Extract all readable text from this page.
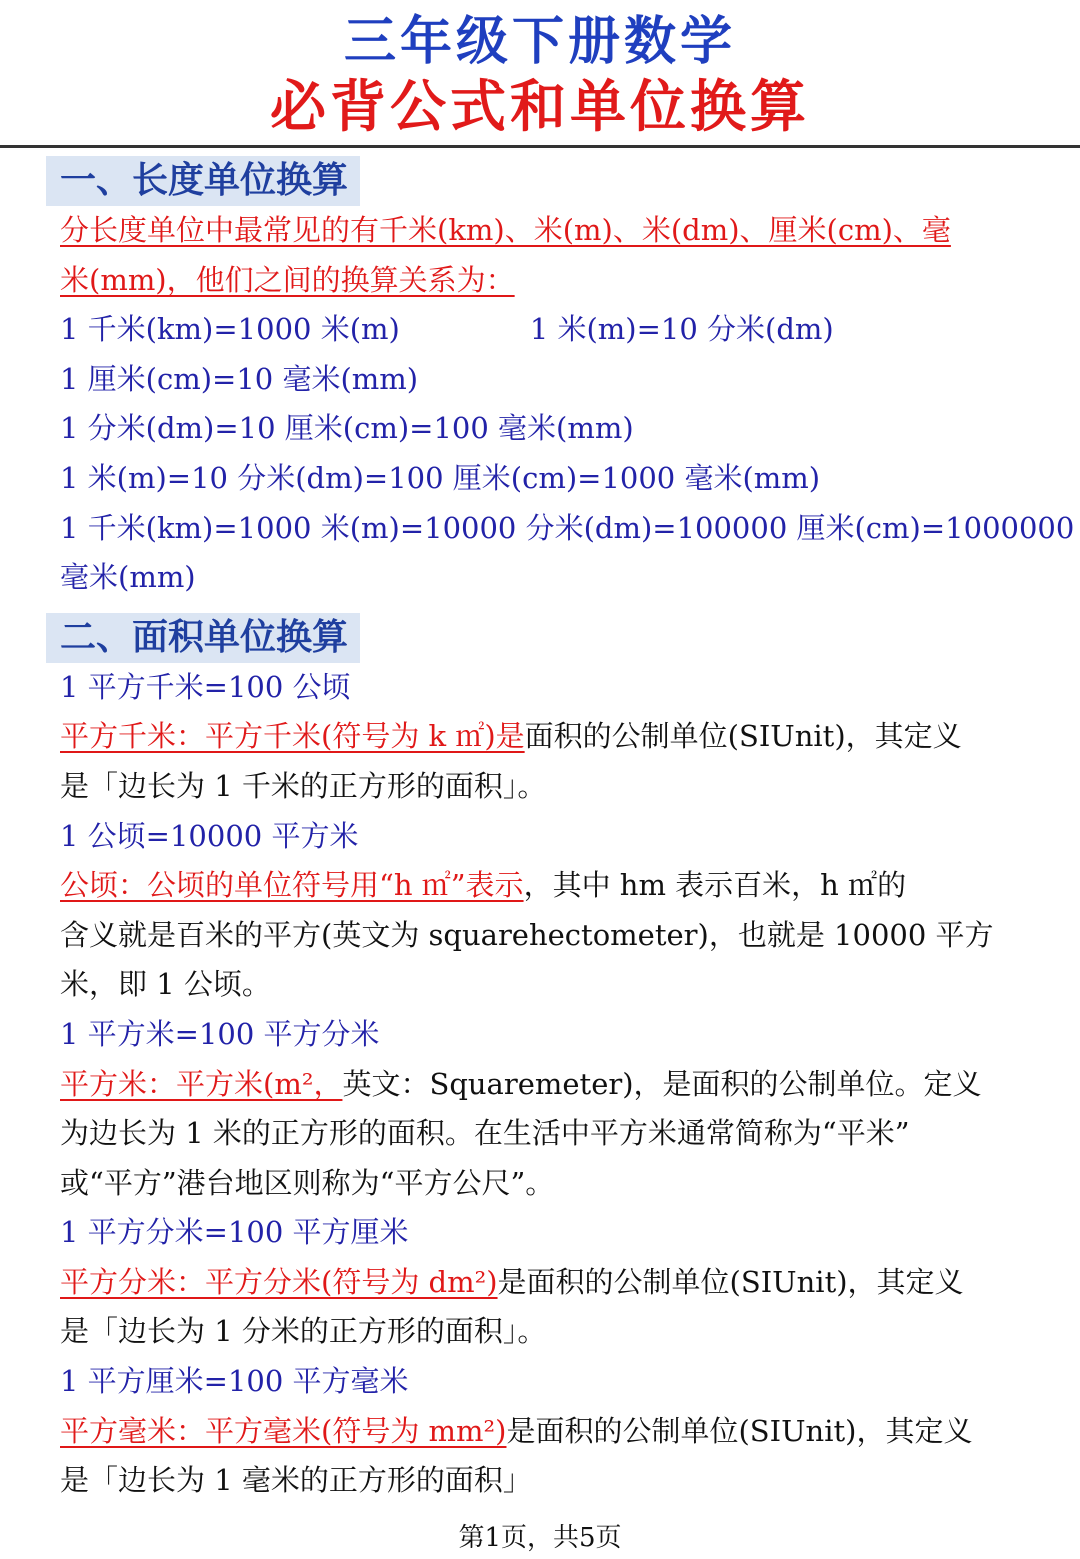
三年级下册数学
必背公式和单位换算
一、长度单位换算
分长度单位中最常见的有千米(km)、米(m)、米(dm)、厘米(cm)、毫
米(mm)，他们之间的换算关系为：
1 千米(km)=1000 米(m)	1 米(m)=10 分米(dm)
1 厘米(cm)=10 毫米(mm)
1 分米(dm)=10 厘米(cm)=100 毫米(mm)
1 米(m)=10 分米(dm)=100 厘米(cm)=1000 毫米(mm)
1 千米(km)=1000 米(m)=10000 分米(dm)=100000 厘米(cm)=1000000
毫米(mm)
二、面积单位换算
1 平方千米=100 公顷
平方千米：平方千米(符号为 k ㎡)是面积的公制单位(SIUnit)，其定义
是「边长为 1 千米的正方形的面积」。
1 公顷=10000 平方米
公顷：公顷的单位符号用“h ㎡”表示，其中 hm 表示百米，h ㎡的
含义就是百米的平方(英文为 squarehectometer)，也就是 10000 平方
米，即 1 公顷。
1 平方米=100 平方分米
平方米：平方米(m²，英文：Squaremeter)，是面积的公制单位。定义
为边长为 1 米的正方形的面积。在生活中平方米通常简称为“平米”
或“平方”港台地区则称为“平方公尺”。
1 平方分米=100 平方厘米
平方分米：平方分米(符号为 dm²)是面积的公制单位(SIUnit)，其定义
是「边长为 1 分米的正方形的面积」。
1 平方厘米=100 平方毫米
平方毫米：平方毫米(符号为 mm²)是面积的公制单位(SIUnit)，其定义
是「边长为 1 毫米的正方形的面积」
第1页，共5页
